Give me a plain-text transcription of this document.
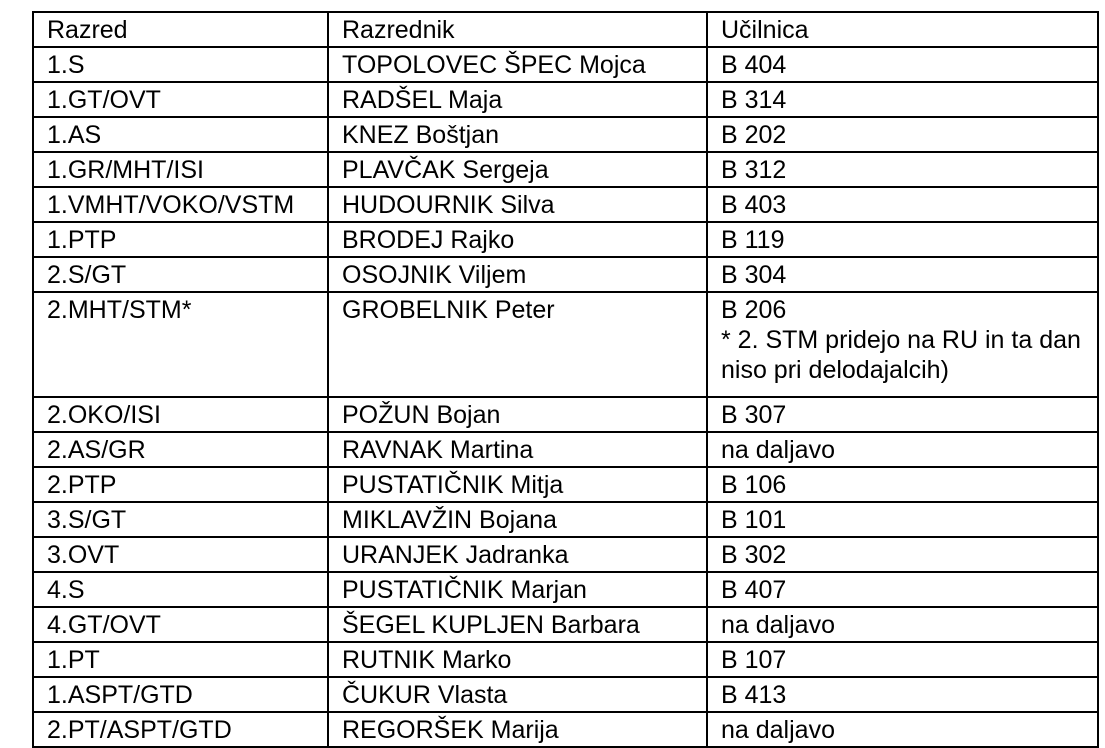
Razred	Razrednik	Učilnica
1.S	TOPOLOVEC ŠPEC Mojca	B 404
1.GT/OVT	RADŠEL Maja	B 314
1.AS	KNEZ Boštjan	B 202
1.GR/MHT/ISI	PLAVČAK Sergeja	B 312
1.VMHT/VOKO/VSTM	HUDOURNIK Silva	B 403
1.PTP	BRODEJ Rajko	B 119
2.S/GT	OSOJNIK Viljem	B 304
2.MHT/STM*	GROBELNIK Peter	B 206
* 2. STM pridejo na RU in ta dan niso pri delodajalcih)

2.OKO/ISI	POŽUN Bojan	B 307
2.AS/GR	RAVNAK Martina	na daljavo
2.PTP	PUSTATIČNIK Mitja	B 106
3.S/GT	MIKLAVŽIN Bojana	B 101
3.OVT	URANJEK Jadranka	B 302
4.S	PUSTATIČNIK Marjan	B 407
4.GT/OVT	ŠEGEL KUPLJEN Barbara	na daljavo
1.PT	RUTNIK Marko	B 107
1.ASPT/GTD	ČUKUR Vlasta	B 413
2.PT/ASPT/GTD	REGORŠEK Marija	na daljavo
